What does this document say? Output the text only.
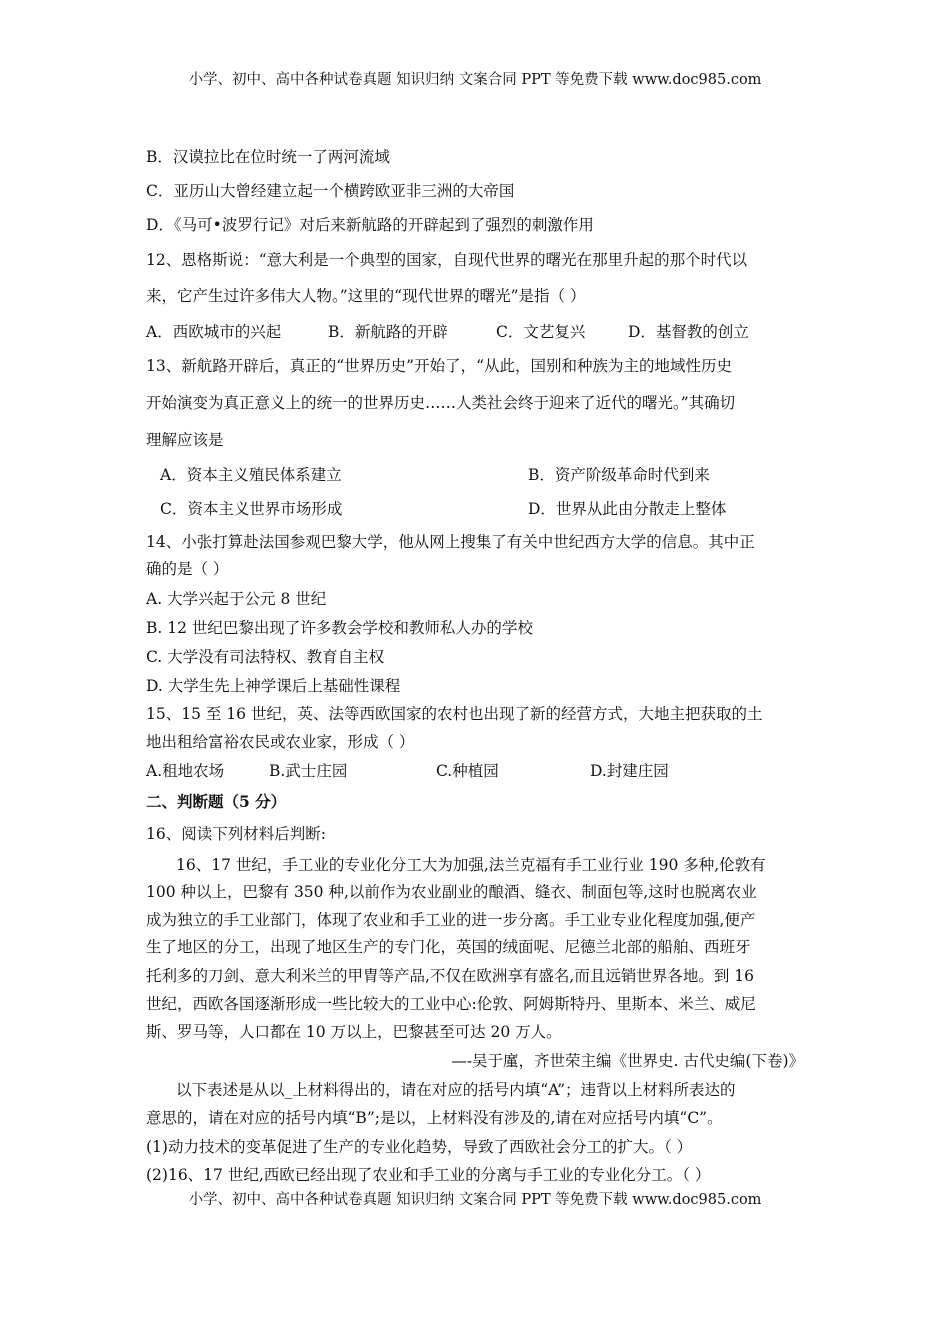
小学、初中、高中各种试卷真题 知识归纳 文案合同 PPT 等免费下载 www.doc985.com
B．汉谟拉比在位时统一了两河流域
C．亚历山大曾经建立起一个横跨欧亚非三洲的大帝国
D．《马可•波罗行记》对后来新航路的开辟起到了强烈的刺激作用
12、恩格斯说：“意大利是一个典型的国家，自现代世界的曙光在那里升起的那个时代以
来，它产生过许多伟大人物。”这里的“现代世界的曙光”是指（ ）
A．西欧城市的兴起	B．新航路的开辟	C．文艺复兴	D．基督教的创立
13、新航路开辟后，真正的“世界历史”开始了，“从此，国别和种族为主的地域性历史
开始演变为真正意义上的统一的世界历史……人类社会终于迎来了近代的曙光。”其确切
理解应该是
A．资本主义殖民体系建立	B．资产阶级革命时代到来
C．资本主义世界市场形成	D．世界从此由分散走上整体
14、小张打算赴法国参观巴黎大学，他从网上搜集了有关中世纪西方大学的信息。其中正
确的是（ ）
A. 大学兴起于公元 8 世纪
B. 12 世纪巴黎出现了许多教会学校和教师私人办的学校
C. 大学没有司法特权、教育自主权
D. 大学生先上神学课后上基础性课程
15、15 至 16 世纪，英、法等西欧国家的农村也出现了新的经营方式，大地主把获取的土
地出租给富裕农民或农业家，形成（ ）
A.租地农场	B.武士庄园	C.种植园	D.封建庄园
二、判断题（5 分）
16、阅读下列材料后判断:
16、17 世纪，手工业的专业化分工大为加强,法兰克福有手工业行业 190 多种,伦敦有
100 种以上，巴黎有 350 种,以前作为农业副业的酿酒、缝衣、制面包等,这时也脱离农业
成为独立的手工业部门，体现了农业和手工业的进一步分离。手工业专业化程度加强,便产
生了地区的分工，出现了地区生产的专门化，英国的绒面呢、尼德兰北部的船舶、西班牙
托利多的刀剑、意大利米兰的甲胄等产品,不仅在欧洲享有盛名,而且远销世界各地。到 16
世纪，西欧各国逐渐形成一些比较大的工业中心:伦敦、阿姆斯特丹、里斯本、米兰、威尼
斯、罗马等，人口都在 10 万以上，巴黎甚至可达 20 万人。
—-吴于廑，齐世荣主编《世界史. 古代史编(下卷)》
以下表述是从以_上材料得出的，请在对应的括号内填“A”；违背以上材料所表达的
意思的，请在对应的括号内填“B”;是以，上材料没有涉及的,请在对应括号内填“C”。
(1)动力技术的变革促进了生产的专业化趋势，导致了西欧社会分工的扩大。（ ）
(2)16、17 世纪,西欧已经出现了农业和手工业的分离与手工业的专业化分工。（ ）
小学、初中、高中各种试卷真题 知识归纳 文案合同 PPT 等免费下载 www.doc985.com
